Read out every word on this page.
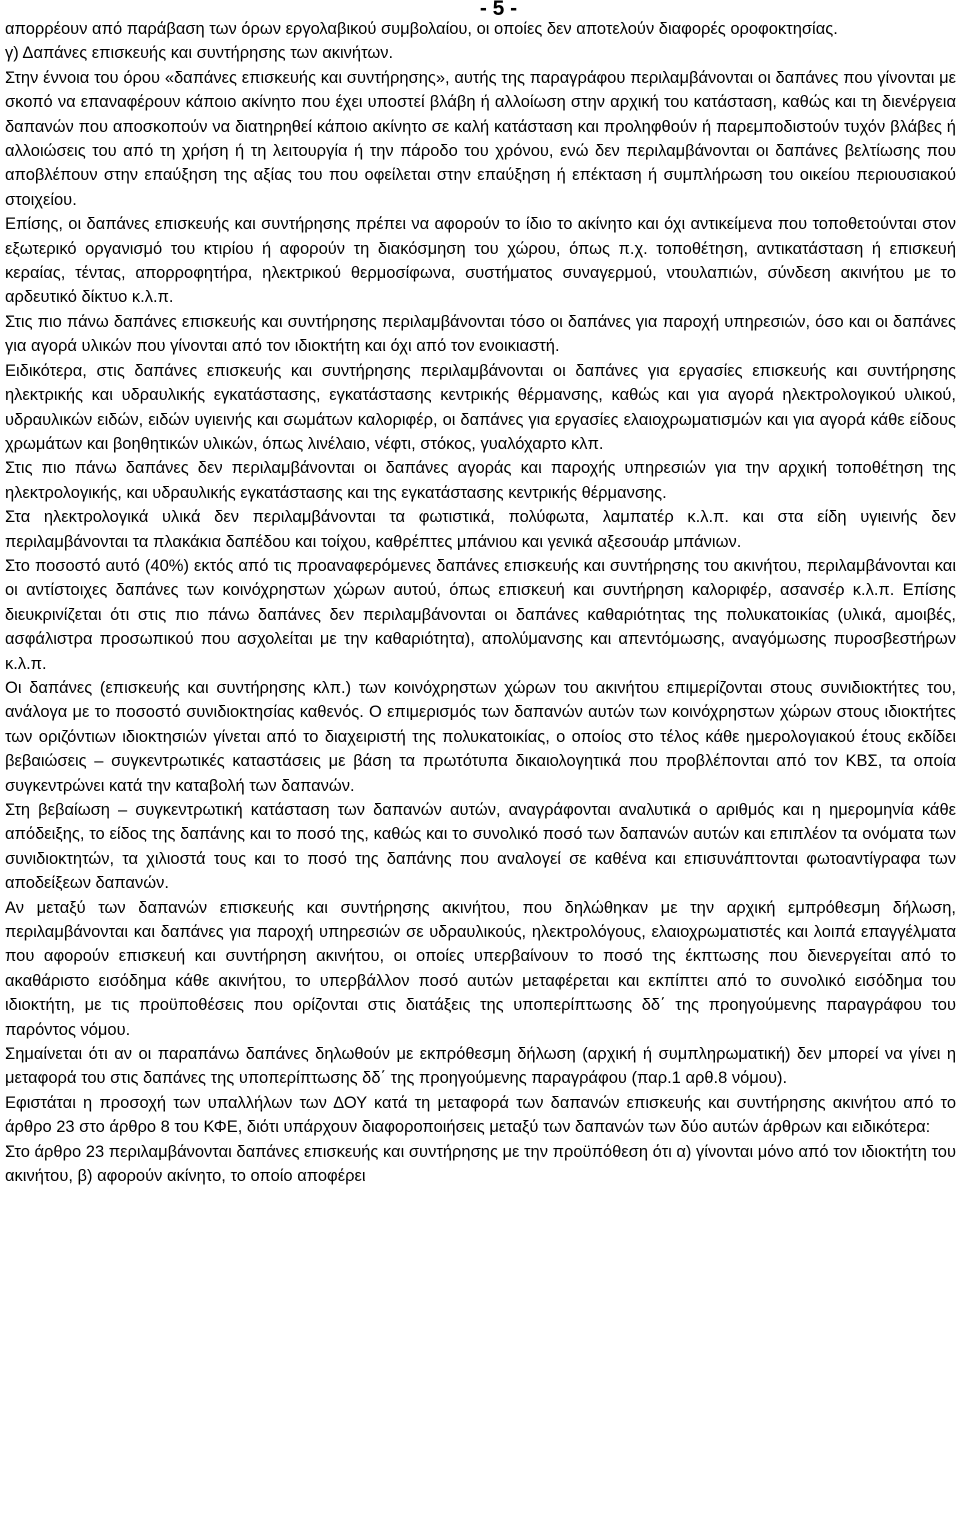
- 5 -

απορρέουν από παράβαση των όρων εργολαβικού συμβολαίου, οι οποίες δεν αποτελούν διαφορές οροφοκτησίας.

γ) Δαπάνες επισκευής και συντήρησης των ακινήτων.

Στην έννοια του όρου «δαπάνες επισκευής και συντήρησης», αυτής της παραγράφου περιλαμβάνονται οι δαπάνες που γίνονται με σκοπό να επαναφέρουν κάποιο ακίνητο που έχει υποστεί βλάβη ή αλλοίωση στην αρχική του κατάσταση, καθώς και τη διενέργεια δαπανών που αποσκοπούν να διατηρηθεί κάποιο ακίνητο σε καλή κατάσταση και προληφθούν ή παρεμποδιστούν τυχόν βλάβες ή αλλοιώσεις του από τη χρήση ή τη λειτουργία ή την πάροδο του χρόνου, ενώ δεν περιλαμβάνονται οι δαπάνες βελτίωσης που αποβλέπουν στην επαύξηση της αξίας του που οφείλεται στην επαύξηση ή επέκταση ή συμπλήρωση του οικείου περιουσιακού στοιχείου.

Επίσης, οι δαπάνες επισκευής και συντήρησης πρέπει να αφορούν το ίδιο το ακίνητο και όχι αντικείμενα που τοποθετούνται στον εξωτερικό οργανισμό του κτιρίου ή αφορούν τη διακόσμηση του χώρου, όπως π.χ. τοποθέτηση, αντικατάσταση ή επισκευή κεραίας, τέντας, απορροφητήρα, ηλεκτρικού θερμοσίφωνα, συστήματος συναγερμού, ντουλαπιών, σύνδεση ακινήτου με το αρδευτικό δίκτυο κ.λ.π.

Στις πιο πάνω δαπάνες επισκευής και συντήρησης περιλαμβάνονται τόσο οι δαπάνες για παροχή υπηρεσιών, όσο και οι δαπάνες για αγορά υλικών που γίνονται από τον ιδιοκτήτη και όχι από τον ενοικιαστή.

Ειδικότερα, στις δαπάνες επισκευής και συντήρησης περιλαμβάνονται οι δαπάνες για εργασίες επισκευής και συντήρησης ηλεκτρικής και υδραυλικής εγκατάστασης, εγκατάστασης κεντρικής θέρμανσης, καθώς και για αγορά ηλεκτρολογικού υλικού, υδραυλικών ειδών, ειδών υγιεινής και σωμάτων καλοριφέρ, οι δαπάνες για εργασίες ελαιοχρωματισμών και για αγορά κάθε είδους χρωμάτων και βοηθητικών υλικών, όπως λινέλαιο, νέφτι, στόκος, γυαλόχαρτο κλπ.

Στις πιο πάνω δαπάνες δεν περιλαμβάνονται οι δαπάνες αγοράς και παροχής υπηρεσιών για την αρχική τοποθέτηση της ηλεκτρολογικής, και υδραυλικής εγκατάστασης και της εγκατάστασης κεντρικής θέρμανσης.

Στα ηλεκτρολογικά υλικά δεν περιλαμβάνονται τα φωτιστικά, πολύφωτα, λαμπατέρ κ.λ.π. και στα είδη υγιεινής δεν περιλαμβάνονται τα πλακάκια δαπέδου και τοίχου, καθρέπτες μπάνιου και γενικά αξεσουάρ μπάνιων.

Στο ποσοστό αυτό (40%) εκτός από τις προαναφερόμενες δαπάνες επισκευής και συντήρησης του ακινήτου, περιλαμβάνονται και οι αντίστοιχες δαπάνες των κοινόχρηστων χώρων αυτού, όπως επισκευή και συντήρηση καλοριφέρ, ασανσέρ κ.λ.π. Επίσης διευκρινίζεται ότι στις πιο πάνω δαπάνες δεν περιλαμβάνονται οι δαπάνες καθαριότητας της πολυκατοικίας (υλικά, αμοιβές, ασφάλιστρα προσωπικού που ασχολείται με την καθαριότητα), απολύμανσης και απεντόμωσης, αναγόμωσης πυροσβεστήρων κ.λ.π.

Οι δαπάνες (επισκευής και συντήρησης κλπ.) των κοινόχρηστων χώρων του ακινήτου επιμερίζονται στους συνιδιοκτήτες του, ανάλογα με το ποσοστό συνιδιοκτησίας καθενός. Ο επιμερισμός των δαπανών αυτών των κοινόχρηστων χώρων στους ιδιοκτήτες των οριζόντιων ιδιοκτησιών γίνεται από το διαχειριστή της πολυκατοικίας, ο οποίος στο τέλος κάθε ημερολογιακού έτους εκδίδει βεβαιώσεις – συγκεντρωτικές καταστάσεις με βάση τα πρωτότυπα δικαιολογητικά που προβλέπονται από τον ΚΒΣ, τα οποία συγκεντρώνει κατά την καταβολή των δαπανών.

Στη βεβαίωση – συγκεντρωτική κατάσταση των δαπανών αυτών, αναγράφονται αναλυτικά ο αριθμός και η ημερομηνία κάθε απόδειξης, το είδος της δαπάνης και το ποσό της, καθώς και το συνολικό ποσό των δαπανών αυτών και επιπλέον τα ονόματα των συνιδιοκτητών, τα χιλιοστά τους και το ποσό της δαπάνης που αναλογεί σε καθένα και επισυνάπτονται φωτοαντίγραφα των αποδείξεων δαπανών.

Αν μεταξύ των δαπανών επισκευής και συντήρησης ακινήτου, που δηλώθηκαν με την αρχική εμπρόθεσμη δήλωση, περιλαμβάνονται και δαπάνες για παροχή υπηρεσιών σε υδραυλικούς, ηλεκτρολόγους, ελαιοχρωματιστές και λοιπά επαγγέλματα που αφορούν επισκευή και συντήρηση ακινήτου, οι οποίες υπερβαίνουν το ποσό της έκπτωσης που διενεργείται από το ακαθάριστο εισόδημα κάθε ακινήτου, το υπερβάλλον ποσό αυτών μεταφέρεται και εκπίπτει από το συνολικό εισόδημα του ιδιοκτήτη, με τις προϋποθέσεις που ορίζονται στις διατάξεις της υποπερίπτωσης δδ΄ της προηγούμενης παραγράφου του παρόντος νόμου.

Σημαίνεται ότι αν οι παραπάνω δαπάνες δηλωθούν με εκπρόθεσμη δήλωση (αρχική ή συμπληρωματική) δεν μπορεί να γίνει η μεταφορά του στις δαπάνες της υποπερίπτωσης δδ΄ της προηγούμενης παραγράφου (παρ.1 αρθ.8 νόμου).

Εφιστάται η προσοχή των υπαλλήλων των ΔΟΥ κατά τη μεταφορά των δαπανών επισκευής και συντήρησης ακινήτου από το άρθρο 23 στο άρθρο 8 του ΚΦΕ, διότι υπάρχουν διαφοροποιήσεις μεταξύ των δαπανών των δύο αυτών άρθρων και ειδικότερα:

Στο άρθρο 23 περιλαμβάνονται δαπάνες επισκευής και συντήρησης με την προϋπόθεση ότι α) γίνονται μόνο από τον ιδιοκτήτη του ακινήτου, β) αφορούν ακίνητο, το οποίο αποφέρει
